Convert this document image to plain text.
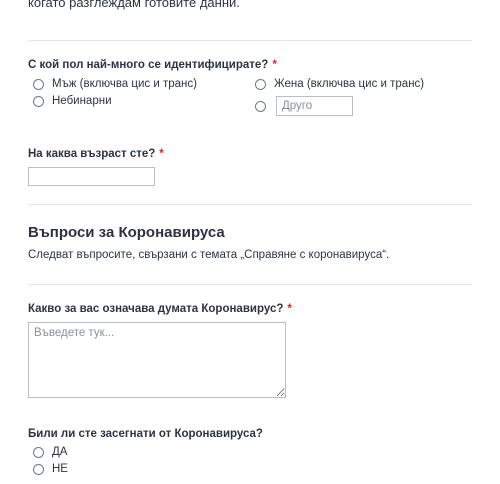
когато разглеждам готовите данни.
С кой пол най-много се идентифицирате? *
Мъж (включва цис и транс)	Жена (включва цис и транс)
Небинарни
Друго
На каква възраст сте? *
Въпроси за Коронавируса
Следват въпросите, свързани с темата „Справяне с коронавируса“.
Какво за вас означава думата Коронавирус? *
Въведете тук...
Били ли сте засегнати от Коронавируса?
ДА
НЕ
